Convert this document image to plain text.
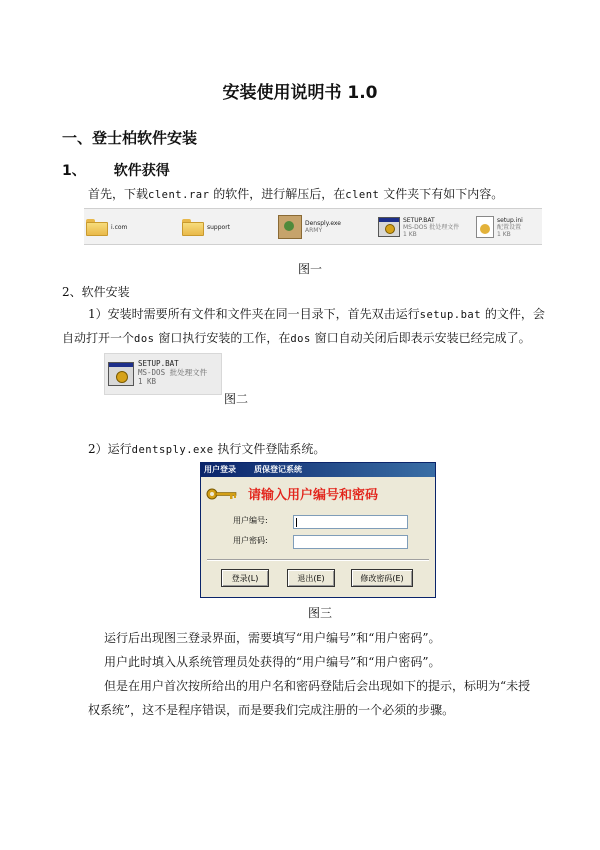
安装使用说明书 1.0
一、登士柏软件安装
1、 软件获得
首先，下载clent.rar 的软件，进行解压后，在clent 文件夹下有如下内容。
i.com	support	Densply.exe
ARMY
SETUP.BAT
MS-DOS 批处理文件
1 KB
setup.ini
配置设置
1 KB
图一
2、软件安装
1）安装时需要所有文件和文件夹在同一目录下，首先双击运行setup.bat 的文件，会
自动打开一个dos 窗口执行安装的工作，在dos 窗口自动关闭后即表示安装已经完成了。
SETUP.BAT
MS-DOS 批处理文件
1 KB
图二
2）运行dentsply.exe 执行文件登陆系统。
用户登录 质保登记系统
请输入用户编号和密码
用户编号:
用户密码:
登录(L)	退出(E)	修改密码(E)
图三
运行后出现图三登录界面，需要填写“用户编号”和“用户密码”。
用户此时填入从系统管理员处获得的“用户编号”和“用户密码”。
但是在用户首次按所给出的用户名和密码登陆后会出现如下的提示，标明为“未授
权系统”，这不是程序错误，而是要我们完成注册的一个必须的步骤。
